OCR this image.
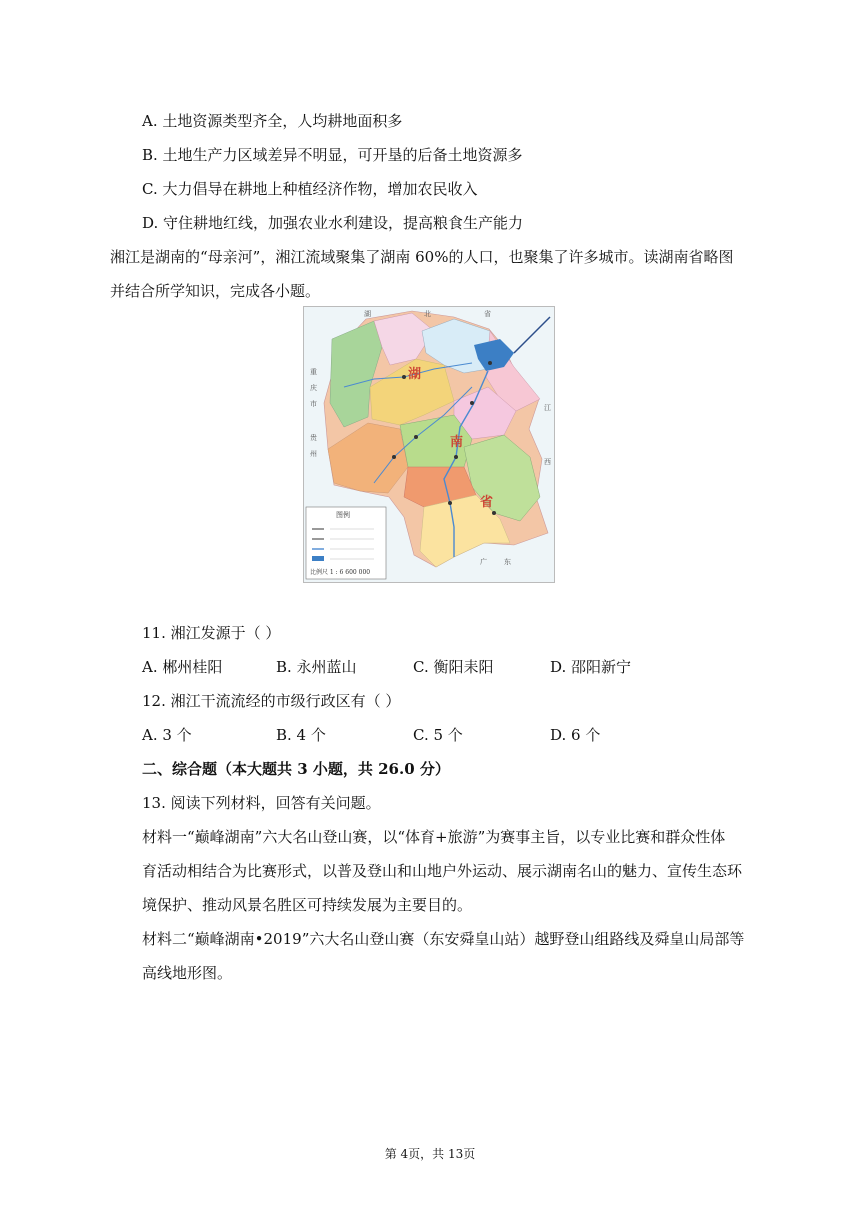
A. 土地资源类型齐全，人均耕地面积多
B. 土地生产力区域差异不明显，可开垦的后备土地资源多
C. 大力倡导在耕地上种植经济作物，增加农民收入
D. 守住耕地红线，加强农业水利建设，提高粮食生产能力
湘江是湖南的“母亲河”，湘江流域聚集了湖南 60%的人口，也聚集了许多城市。读湖南省略图
并结合所学知识，完成各小题。
湖
南
省
湖	北	省
江
西
广 东
重
庆
市
贵
州
图例
比例尺 1 : 6 600 000
11. 湘江发源于（ ）
A. 郴州桂阳	B. 永州蓝山	C. 衡阳耒阳	D. 邵阳新宁
12. 湘江干流流经的市级行政区有（ ）
A. 3 个	B. 4 个	C. 5 个	D. 6 个
二、综合题（本大题共 3 小题，共 26.0 分）
13. 阅读下列材料，回答有关问题。
材料一“巅峰湖南”六大名山登山赛，以“体育+旅游”为赛事主旨，以专业比赛和群众性体
育活动相结合为比赛形式，以普及登山和山地户外运动、展示湖南名山的魅力、宣传生态环
境保护、推动风景名胜区可持续发展为主要目的。
材料二“巅峰湖南•2019”六大名山登山赛（东安舜皇山站）越野登山组路线及舜皇山局部等
高线地形图。
第 4页，共 13页
